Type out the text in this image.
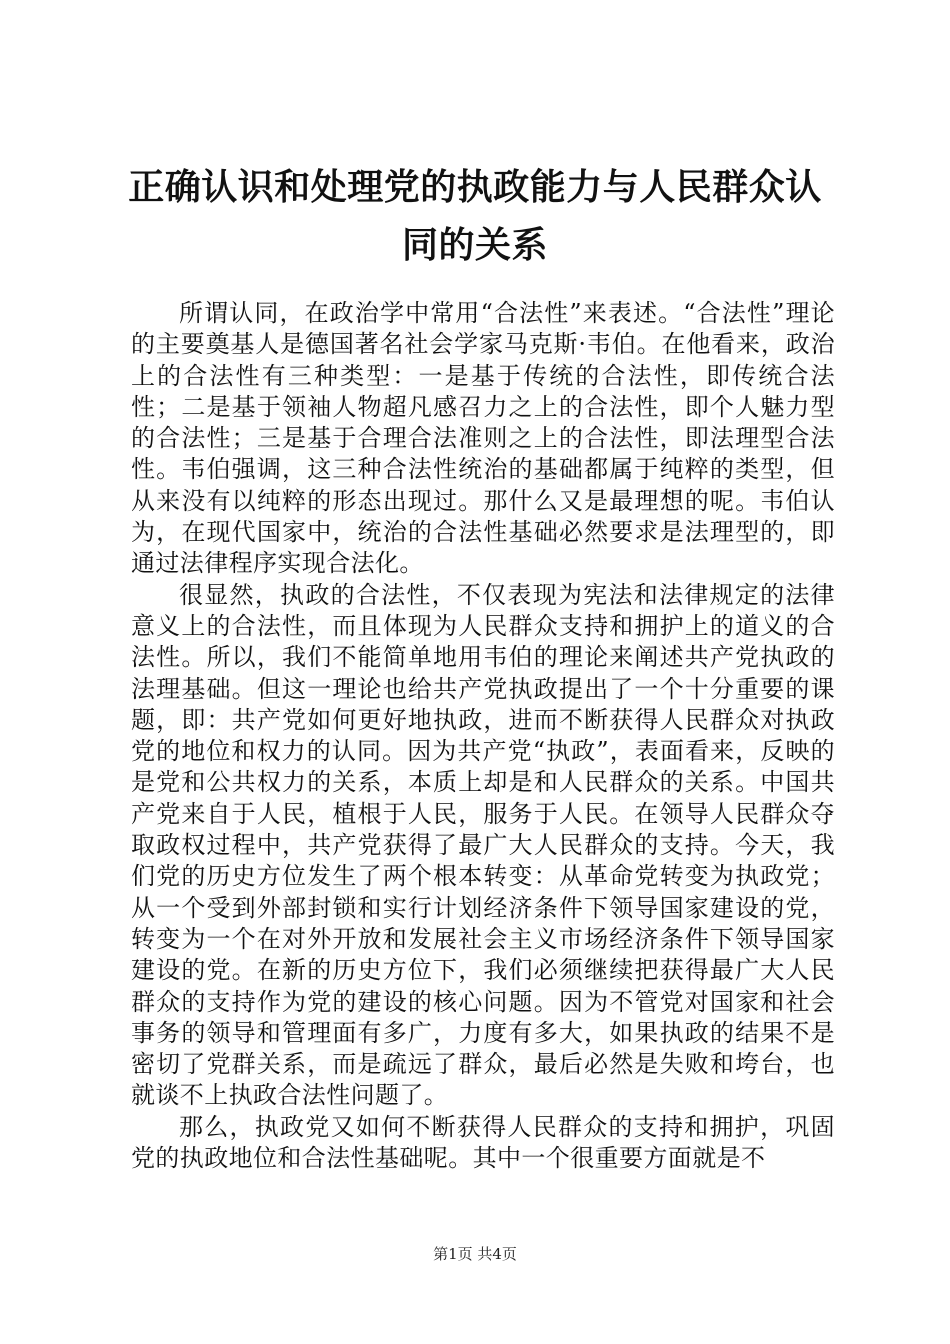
正确认识和处理党的执政能力与人民群众认同的关系

所谓认同，在政治学中常用“合法性”来表述。“合法性”理论的主要奠基人是德国著名社会学家马克斯·韦伯。在他看来，政治上的合法性有三种类型：一是基于传统的合法性，即传统合法性；二是基于领袖人物超凡感召力之上的合法性，即个人魅力型的合法性；三是基于合理合法准则之上的合法性，即法理型合法性。韦伯强调，这三种合法性统治的基础都属于纯粹的类型，但从来没有以纯粹的形态出现过。那什么又是最理想的呢。韦伯认为，在现代国家中，统治的合法性基础必然要求是法理型的，即通过法律程序实现合法化。

很显然，执政的合法性，不仅表现为宪法和法律规定的法律意义上的合法性，而且体现为人民群众支持和拥护上的道义的合法性。所以，我们不能简单地用韦伯的理论来阐述共产党执政的法理基础。但这一理论也给共产党执政提出了一个十分重要的课题，即：共产党如何更好地执政，进而不断获得人民群众对执政党的地位和权力的认同。因为共产党“执政”，表面看来，反映的是党和公共权力的关系，本质上却是和人民群众的关系。中国共产党来自于人民，植根于人民，服务于人民。在领导人民群众夺取政权过程中，共产党获得了最广大人民群众的支持。今天，我们党的历史方位发生了两个根本转变：从革命党转变为执政党；从一个受到外部封锁和实行计划经济条件下领导国家建设的党，转变为一个在对外开放和发展社会主义市场经济条件下领导国家建设的党。在新的历史方位下，我们必须继续把获得最广大人民群众的支持作为党的建设的核心问题。因为不管党对国家和社会事务的领导和管理面有多广，力度有多大，如果执政的结果不是密切了党群关系，而是疏远了群众，最后必然是失败和垮台，也就谈不上执政合法性问题了。

那么，执政党又如何不断获得人民群众的支持和拥护，巩固党的执政地位和合法性基础呢。其中一个很重要方面就是不

第1页 共4页
